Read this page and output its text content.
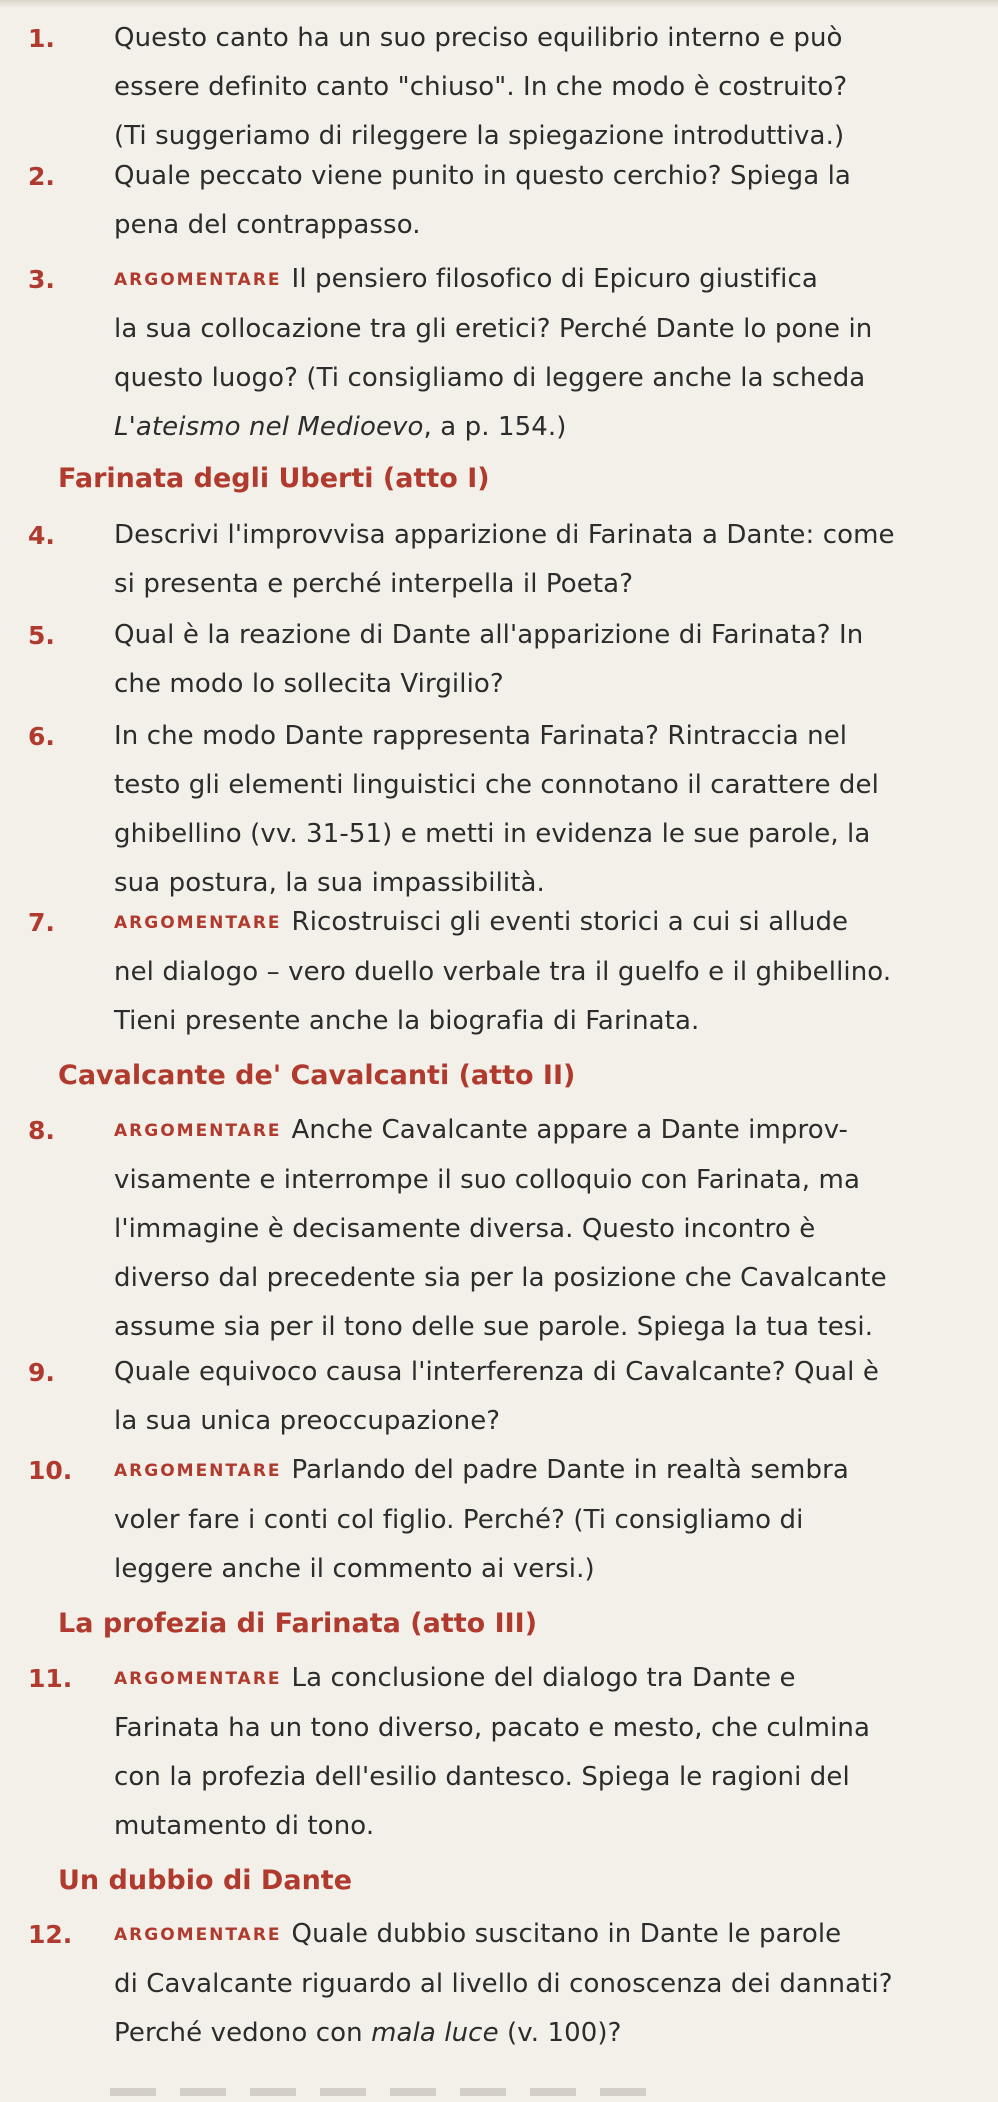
1. Questo canto ha un suo preciso equilibrio interno e può
essere definito canto "chiuso". In che modo è costruito?
(Ti suggeriamo di rileggere la spiegazione introduttiva.)
2. Quale peccato viene punito in questo cerchio? Spiega la
pena del contrappasso.
3.	ARGOMENTARE Il pensiero filosofico di Epicuro giustifica
la sua collocazione tra gli eretici? Perché Dante lo pone in
questo luogo? (Ti consigliamo di leggere anche la scheda
L'ateismo nel Medioevo, a p. 154.)
Farinata degli Uberti (atto I)
4. Descrivi l'improvvisa apparizione di Farinata a Dante: come
si presenta e perché interpella il Poeta?
5. Qual è la reazione di Dante all'apparizione di Farinata? In
che modo lo sollecita Virgilio?
6. In che modo Dante rappresenta Farinata? Rintraccia nel
testo gli elementi linguistici che connotano il carattere del
ghibellino (vv. 31-51) e metti in evidenza le sue parole, la
sua postura, la sua impassibilità.
7.	ARGOMENTARE Ricostruisci gli eventi storici a cui si allude
nel dialogo – vero duello verbale tra il guelfo e il ghibellino.
Tieni presente anche la biografia di Farinata.
Cavalcante de' Cavalcanti (atto II)
8.	ARGOMENTARE Anche Cavalcante appare a Dante improv-
visamente e interrompe il suo colloquio con Farinata, ma
l'immagine è decisamente diversa. Questo incontro è
diverso dal precedente sia per la posizione che Cavalcante
assume sia per il tono delle sue parole. Spiega la tua tesi.
9. Quale equivoco causa l'interferenza di Cavalcante? Qual è
la sua unica preoccupazione?
10. ARGOMENTARE Parlando del padre Dante in realtà sembra
voler fare i conti col figlio. Perché? (Ti consigliamo di
leggere anche il commento ai versi.)
La profezia di Farinata (atto III)
11. ARGOMENTARE La conclusione del dialogo tra Dante e
Farinata ha un tono diverso, pacato e mesto, che culmina
con la profezia dell'esilio dantesco. Spiega le ragioni del
mutamento di tono.
Un dubbio di Dante
12. ARGOMENTARE Quale dubbio suscitano in Dante le parole
di Cavalcante riguardo al livello di conoscenza dei dannati?
Perché vedono con mala luce (v. 100)?
